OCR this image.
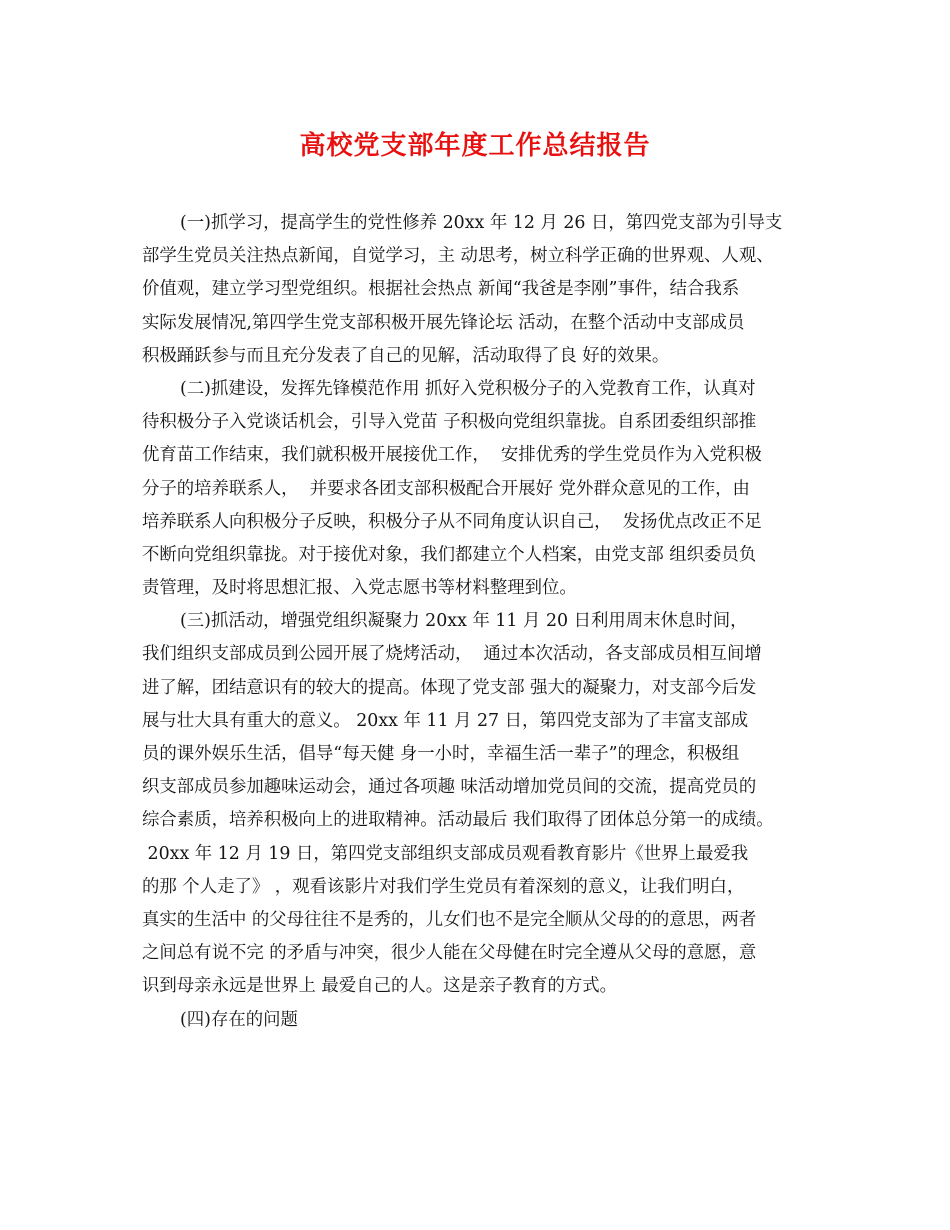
高校党支部年度工作总结报告
(一)抓学习，提高学生的党性修养 20xx 年 12 月 26 日，第四党支部为引导支
部学生党员关注热点新闻，自觉学习，主 动思考，树立科学正确的世界观、人观、
价值观，建立学习型党组织。根据社会热点 新闻“我爸是李刚”事件，结合我系
实际发展情况,第四学生党支部积极开展先锋论坛 活动，在整个活动中支部成员
积极踊跃参与而且充分发表了自己的见解，活动取得了良 好的效果。
(二)抓建设，发挥先锋模范作用 抓好入党积极分子的入党教育工作，认真对
待积极分子入党谈话机会，引导入党苗 子积极向党组织靠拢。自系团委组织部推
优育苗工作结束，我们就积极开展接优工作，  安排优秀的学生党员作为入党积极
分子的培养联系人，  并要求各团支部积极配合开展好 党外群众意见的工作，由
培养联系人向积极分子反映，积极分子从不同角度认识自己，  发扬优点改正不足
不断向党组织靠拢。对于接优对象，我们都建立个人档案，由党支部 组织委员负
责管理，及时将思想汇报、入党志愿书等材料整理到位。
(三)抓活动，增强党组织凝聚力 20xx 年 11 月 20 日利用周末休息时间，
我们组织支部成员到公园开展了烧烤活动，  通过本次活动，各支部成员相互间增
进了解，团结意识有的较大的提高。体现了党支部 强大的凝聚力，对支部今后发
展与壮大具有重大的意义。 20xx 年 11 月 27 日，第四党支部为了丰富支部成
员的课外娱乐生活，倡导“每天健 身一小时，幸福生活一辈子”的理念，积极组
织支部成员参加趣味运动会，通过各项趣 味活动增加党员间的交流，提高党员的
综合素质，培养积极向上的进取精神。活动最后 我们取得了团体总分第一的成绩。
20xx 年 12 月 19 日，第四党支部组织支部成员观看教育影片《世界上最爱我
的那 个人走了》 ，观看该影片对我们学生党员有着深刻的意义，让我们明白，
真实的生活中 的父母往往不是秀的，儿女们也不是完全顺从父母的的意思，两者
之间总有说不完 的矛盾与冲突，很少人能在父母健在时完全遵从父母的意愿，意
识到母亲永远是世界上 最爱自己的人。这是亲子教育的方式。
(四)存在的问题
